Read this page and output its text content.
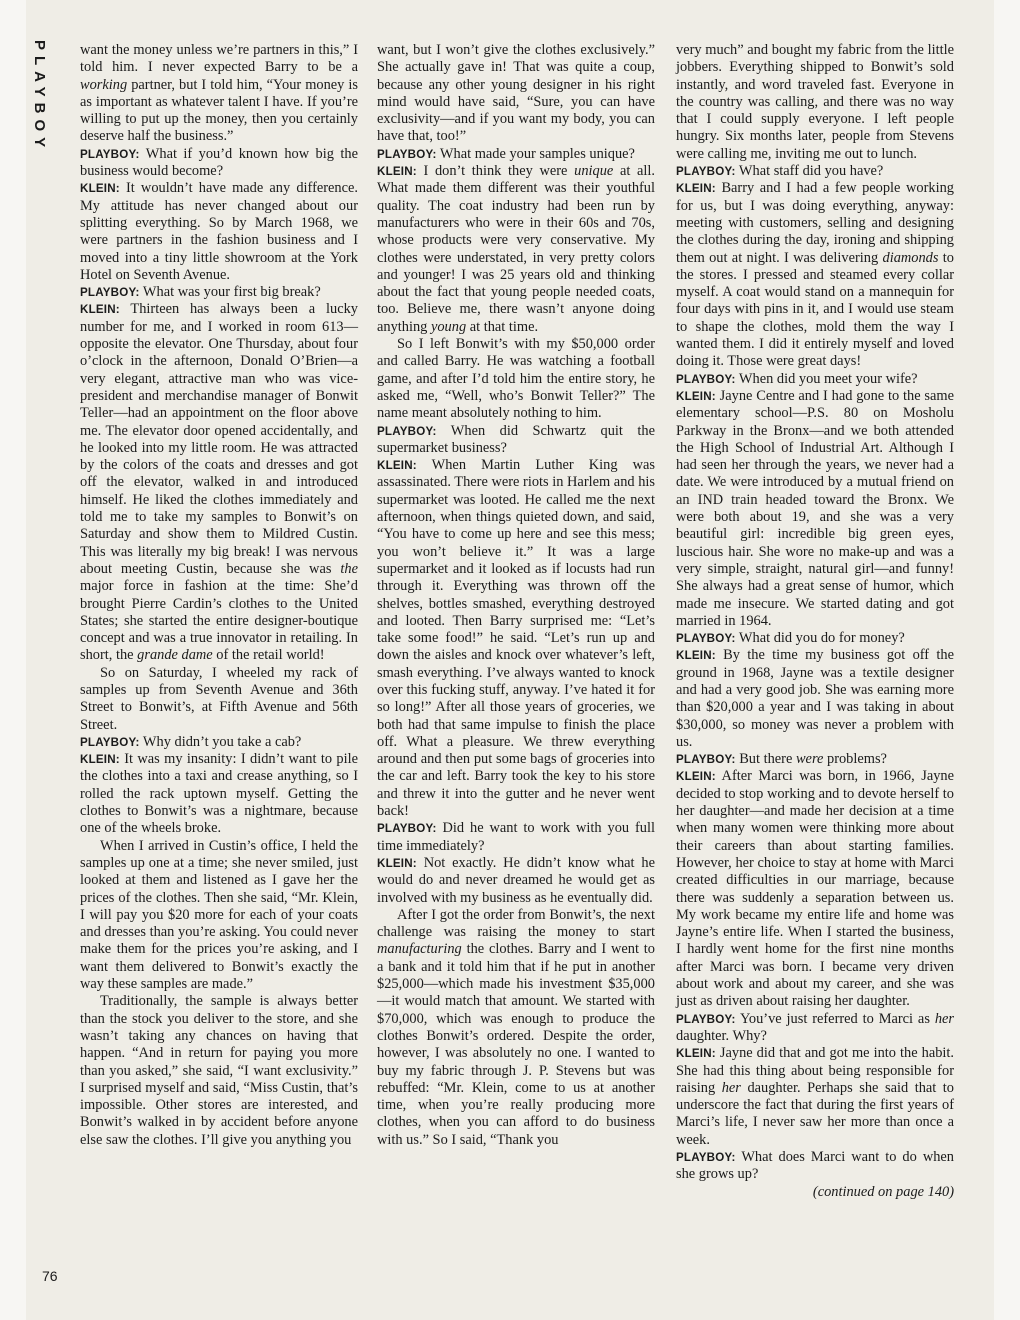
PLAYBOY want the money unless we’re partners in this,” I told him. I never expected Barry to be a working partner, but I told him, “Your money is as important as whatever talent I have. If you’re willing to put up the money, then you certainly deserve half the business.”

PLAYBOY: What if you’d known how big the business would become?

KLEIN: It wouldn’t have made any difference. My attitude has never changed about our splitting everything. So by March 1968, we were partners in the fashion business and I moved into a tiny little showroom at the York Hotel on Seventh Avenue.

PLAYBOY: What was your first big break?

KLEIN: Thirteen has always been a lucky number for me, and I worked in room 613—opposite the elevator. One Thursday, about four o’clock in the afternoon, Donald O’Brien—a very elegant, attractive man who was vice-president and merchandise manager of Bonwit Teller—had an appointment on the floor above me. The elevator door opened accidentally, and he looked into my little room. He was attracted by the colors of the coats and dresses and got off the elevator, walked in and introduced himself. He liked the clothes immediately and told me to take my samples to Bonwit’s on Saturday and show them to Mildred Custin. This was literally my big break! I was nervous about meeting Custin, because she was the major force in fashion at the time: She’d brought Pierre Cardin’s clothes to the United States; she started the entire designer-boutique concept and was a true innovator in retailing. In short, the grande dame of the retail world!

So on Saturday, I wheeled my rack of samples up from Seventh Avenue and 36th Street to Bonwit’s, at Fifth Avenue and 56th Street.

PLAYBOY: Why didn’t you take a cab?

KLEIN: It was my insanity: I didn’t want to pile the clothes into a taxi and crease anything, so I rolled the rack uptown myself. Getting the clothes to Bonwit’s was a nightmare, because one of the wheels broke.

When I arrived in Custin’s office, I held the samples up one at a time; she never smiled, just looked at them and listened as I gave her the prices of the clothes. Then she said, “Mr. Klein, I will pay you $20 more for each of your coats and dresses than you’re asking. You could never make them for the prices you’re asking, and I want them delivered to Bonwit’s exactly the way these samples are made.”

Traditionally, the sample is always better than the stock you deliver to the store, and she wasn’t taking any chances on having that happen. “And in return for paying you more than you asked,” she said, “I want exclusivity.” I surprised myself and said, “Miss Custin, that’s impossible. Other stores are interested, and Bonwit’s walked in by accident before anyone else saw the clothes. I’ll give you anything you

want, but I won’t give the clothes exclusively.” She actually gave in! That was quite a coup, because any other young designer in his right mind would have said, “Sure, you can have exclusivity—and if you want my body, you can have that, too!”

PLAYBOY: What made your samples unique?

KLEIN: I don’t think they were unique at all. What made them different was their youthful quality. The coat industry had been run by manufacturers who were in their 60s and 70s, whose products were very conservative. My clothes were understated, in very pretty colors and younger! I was 25 years old and thinking about the fact that young people needed coats, too. Believe me, there wasn’t anyone doing anything young at that time.

So I left Bonwit’s with my $50,000 order and called Barry. He was watching a football game, and after I’d told him the entire story, he asked me, “Well, who’s Bonwit Teller?” The name meant absolutely nothing to him.

PLAYBOY: When did Schwartz quit the supermarket business?

KLEIN: When Martin Luther King was assassinated. There were riots in Harlem and his supermarket was looted. He called me the next afternoon, when things quieted down, and said, “You have to come up here and see this mess; you won’t believe it.” It was a large supermarket and it looked as if locusts had run through it. Everything was thrown off the shelves, bottles smashed, everything destroyed and looted. Then Barry surprised me: “Let’s take some food!” he said. “Let’s run up and down the aisles and knock over whatever’s left, smash everything. I’ve always wanted to knock over this fucking stuff, anyway. I’ve hated it for so long!” After all those years of groceries, we both had that same impulse to finish the place off. What a pleasure. We threw everything around and then put some bags of groceries into the car and left. Barry took the key to his store and threw it into the gutter and he never went back!

PLAYBOY: Did he want to work with you full time immediately?

KLEIN: Not exactly. He didn’t know what he would do and never dreamed he would get as involved with my business as he eventually did.

After I got the order from Bonwit’s, the next challenge was raising the money to start manufacturing the clothes. Barry and I went to a bank and it told him that if he put in another $25,000—which made his investment $35,000—it would match that amount. We started with $70,000, which was enough to produce the clothes Bonwit’s ordered. Despite the order, however, I was absolutely no one. I wanted to buy my fabric through J. P. Stevens but was rebuffed: “Mr. Klein, come to us at another time, when you’re really producing more clothes, when you can afford to do business with us.” So I said, “Thank you

very much” and bought my fabric from the little jobbers. Everything shipped to Bonwit’s sold instantly, and word traveled fast. Everyone in the country was calling, and there was no way that I could supply everyone. I left people hungry. Six months later, people from Stevens were calling me, inviting me out to lunch.

PLAYBOY: What staff did you have?

KLEIN: Barry and I had a few people working for us, but I was doing everything, anyway: meeting with customers, selling and designing the clothes during the day, ironing and shipping them out at night. I was delivering diamonds to the stores. I pressed and steamed every collar myself. A coat would stand on a mannequin for four days with pins in it, and I would use steam to shape the clothes, mold them the way I wanted them. I did it entirely myself and loved doing it. Those were great days!

PLAYBOY: When did you meet your wife?

KLEIN: Jayne Centre and I had gone to the same elementary school—P.S. 80 on Mosholu Parkway in the Bronx—and we both attended the High School of Industrial Art. Although I had seen her through the years, we never had a date. We were introduced by a mutual friend on an IND train headed toward the Bronx. We were both about 19, and she was a very beautiful girl: incredible big green eyes, luscious hair. She wore no make-up and was a very simple, straight, natural girl—and funny! She always had a great sense of humor, which made me insecure. We started dating and got married in 1964.

PLAYBOY: What did you do for money?

KLEIN: By the time my business got off the ground in 1968, Jayne was a textile designer and had a very good job. She was earning more than $20,000 a year and I was taking in about $30,000, so money was never a problem with us.

PLAYBOY: But there were problems?

KLEIN: After Marci was born, in 1966, Jayne decided to stop working and to devote herself to her daughter—and made her decision at a time when many women were thinking more about their careers than about starting families. However, her choice to stay at home with Marci created difficulties in our marriage, because there was suddenly a separation between us. My work became my entire life and home was Jayne’s entire life. When I started the business, I hardly went home for the first nine months after Marci was born. I became very driven about work and about my career, and she was just as driven about raising her daughter.

PLAYBOY: You’ve just referred to Marci as her daughter. Why?

KLEIN: Jayne did that and got me into the habit. She had this thing about being responsible for raising her daughter. Perhaps she said that to underscore the fact that during the first years of Marci’s life, I never saw her more than once a week.

PLAYBOY: What does Marci want to do when she grows up?

(continued on page 140)

76
